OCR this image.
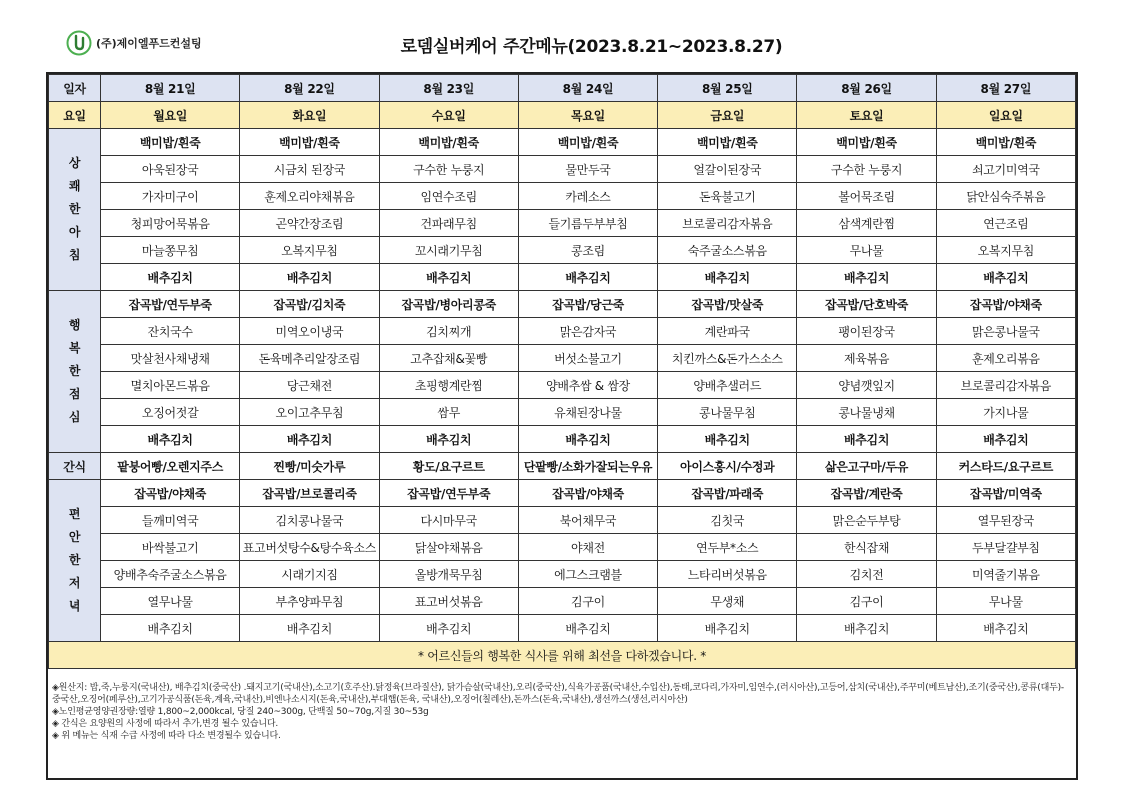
(주)제이엘푸드컨설팅	로뎀실버케어 주간메뉴(2023.8.21~2023.8.27)
일자	8월 21일	8월 22일	8월 23일	8월 24일	8월 25일	8월 26일	8월 27일
요일	월요일	화요일	수요일	목요일	금요일	토요일	일요일

상
쾌
한
아
침	백미밥/흰죽	백미밥/흰죽	백미밥/흰죽	백미밥/흰죽	백미밥/흰죽	백미밥/흰죽	백미밥/흰죽
	아욱된장국	시금치 된장국	구수한 누룽지	물만두국	얼갈이된장국	구수한 누룽지	쇠고기미역국
	가자미구이	훈제오리야채볶음	임연수조림	카레소스	돈육불고기	볼어묵조림	닭안심숙주볶음
	청피망어묵볶음	곤약간장조림	건파래무침	들기름두부부침	브로콜리감자볶음	삼색계란찜	연근조림
	마늘쫑무침	오복지무침	꼬시래기무침	콩조림	숙주굴소스볶음	무나물	오복지무침
	배추김치	배추김치	배추김치	배추김치	배추김치	배추김치	배추김치

행
복
한
점
심	잡곡밥/연두부죽	잡곡밥/김치죽	잡곡밥/병아리콩죽	잡곡밥/당근죽	잡곡밥/맛살죽	잡곡밥/단호박죽	잡곡밥/야채죽
	잔치국수	미역오이냉국	김치찌개	맑은감자국	계란파국	팽이된장국	맑은콩나물국
	맛살천사채냉채	돈육메추리알장조림	고추잡채&꽃빵	버섯소불고기	치킨까스&돈가스소스	제육볶음	훈제오리볶음
	멸치아몬드볶음	당근채전	초핑행계란찜	양배추쌈 & 쌈장	양배추샐러드	양념깻잎지	브로콜리감자볶음
	오징어젓갈	오이고추무침	쌈무	유채된장나물	콩나물무침	콩나물냉채	가지나물
	배추김치	배추김치	배추김치	배추김치	배추김치	배추김치	배추김치
간식	팥붕어빵/오렌지주스	찐빵/미숫가루	황도/요구르트	단팥빵/소화가잘되는우유	아이스홍시/수정과	삶은고구마/두유	커스타드/요구르트

편
안
한
저
녁	잡곡밥/야채죽	잡곡밥/브로콜리죽	잡곡밥/연두부죽	잡곡밥/야채죽	잡곡밥/파래죽	잡곡밥/계란죽	잡곡밥/미역죽
	들깨미역국	김치콩나물국	다시마무국	북어채무국	김칫국	맑은순두부탕	열무된장국
	바싹불고기	표고버섯탕수&탕수육소스	닭살야채볶음	야채전	연두부*소스	한식잡채	두부달걀부침
	양배추숙주굴소스볶음	시래기지짐	올방개묵무침	에그스크램블	느타리버섯볶음	김치전	미역줄기볶음
	열무나물	부추양파무침	표고버섯볶음	김구이	무생채	김구이	무나물
	배추김치	배추김치	배추김치	배추김치	배추김치	배추김치	배추김치
* 어르신들의 행복한 식사를 위해 최선을 다하겠습니다. *							
◈원산지: 밥,죽,누룽지(국내산), 배추김치(중국산) .돼지고기(국내산),소고기(호주산).닭정육(브라질산), 닭가슴살(국내산),오리(중국산),식육가공품(국내산,수입산),동태,코다리,가자미,임연수,(러시아산),고등어,삼치(국내산),주꾸미(베트남산),조기(중국산),콩류(대두)-중국산,오징어(페루산),고기가공식품(돈육,계육,국내산),비엔나소시지(돈육,국내산),부대햄(돈육, 국내산),오징어(칠레산),돈까스(돈육,국내산),생선까스(생선,러시아산)
◈노인평균영양권장량:열량 1,800~2,000kcal, 당질 240~300g, 단백질 50~70g,지질 30~53g
◈ 간식은 요양원의 사정에 따라서 추가,변경 될수 있습니다.
◈ 위 메뉴는 식재 수급 사정에 따라 다소 변경될수 있습니다.
